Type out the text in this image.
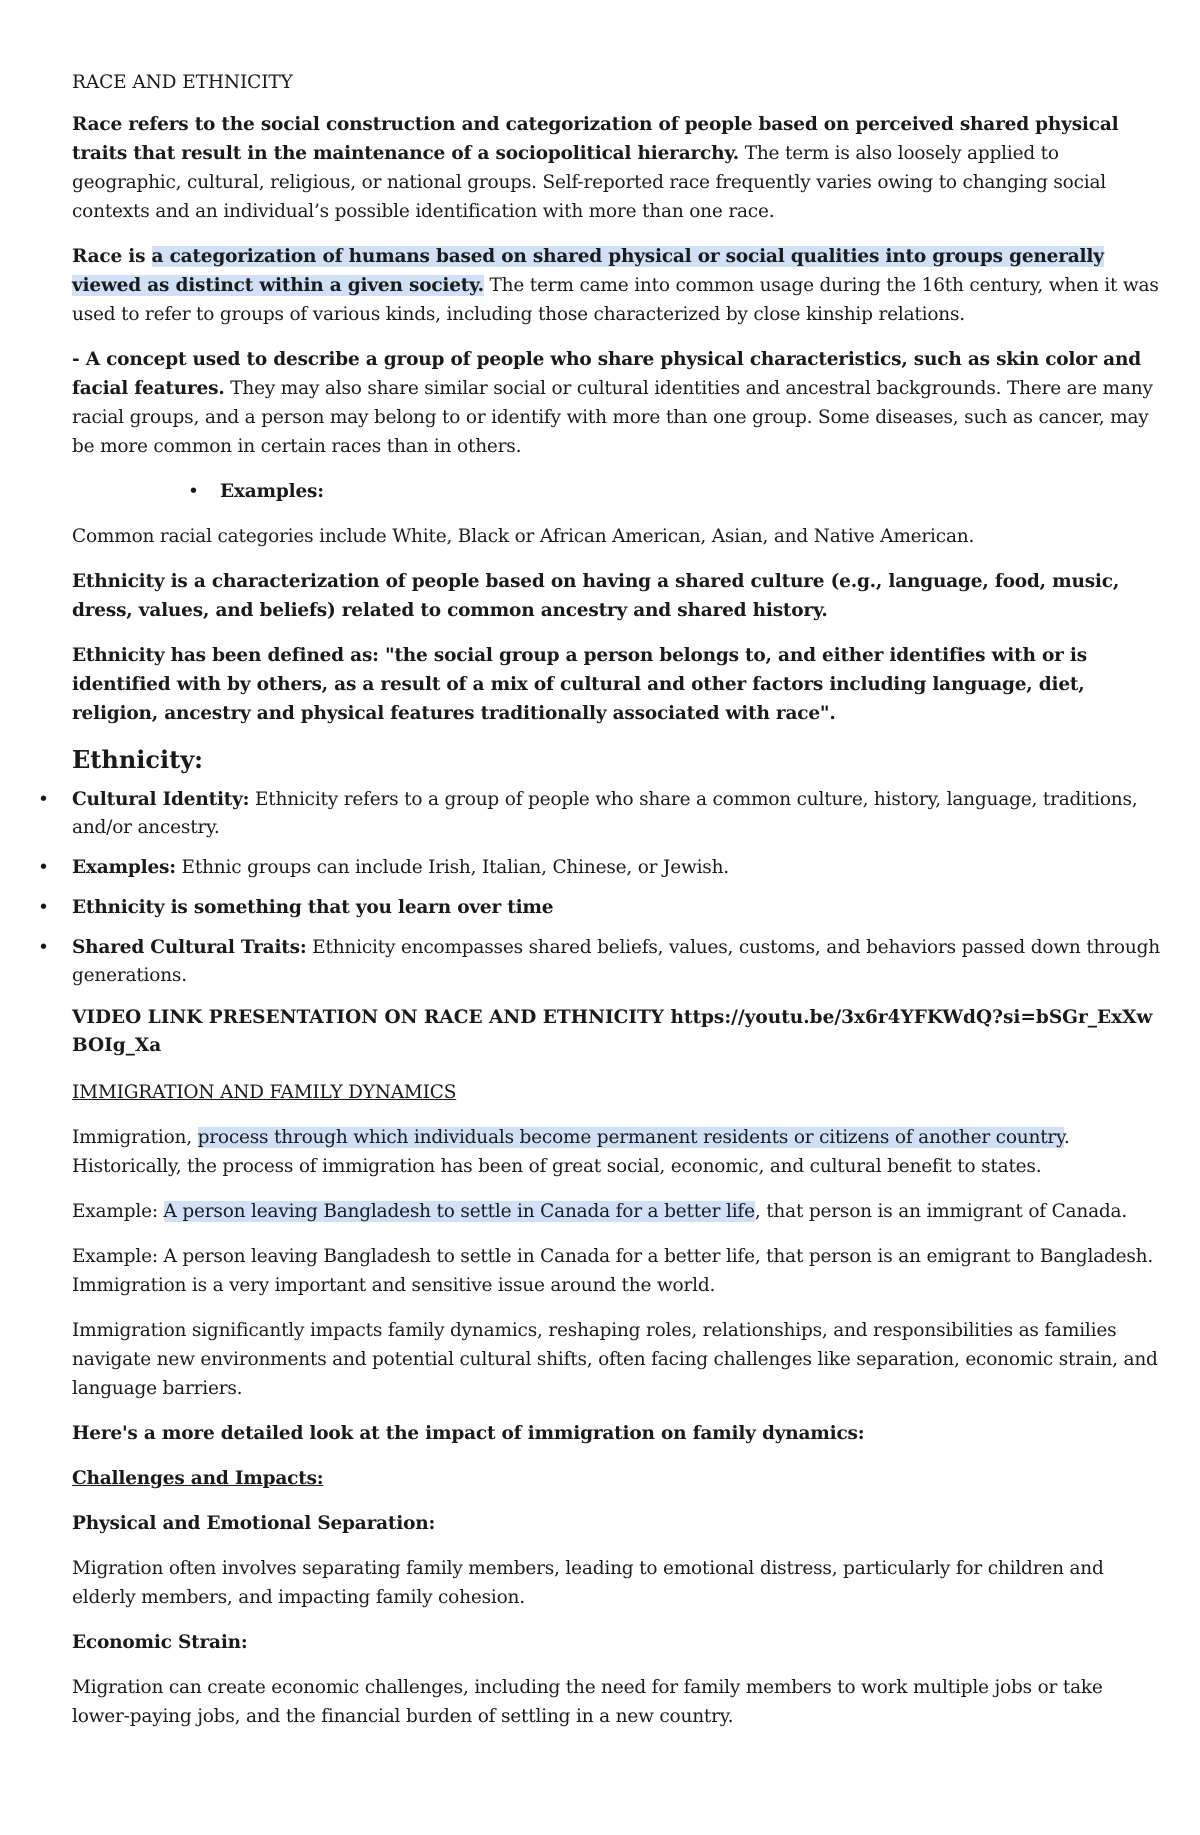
RACE AND ETHNICITY

Race refers to the social construction and categorization of people based on perceived shared physical traits that result in the maintenance of a sociopolitical hierarchy. The term is also loosely applied to geographic, cultural, religious, or national groups. Self-reported race frequently varies owing to changing social contexts and an individual’s possible identification with more than one race.

Race is a categorization of humans based on shared physical or social qualities into groups generally viewed as distinct within a given society. The term came into common usage during the 16th century, when it was used to refer to groups of various kinds, including those characterized by close kinship relations.

- A concept used to describe a group of people who share physical characteristics, such as skin color and facial features. They may also share similar social or cultural identities and ancestral backgrounds. There are many racial groups, and a person may belong to or identify with more than one group. Some diseases, such as cancer, may be more common in certain races than in others.

• Examples:

Common racial categories include White, Black or African American, Asian, and Native American.

Ethnicity is a characterization of people based on having a shared culture (e.g., language, food, music, dress, values, and beliefs) related to common ancestry and shared history.

Ethnicity has been defined as: "the social group a person belongs to, and either identifies with or is identified with by others, as a result of a mix of cultural and other factors including language, diet, religion, ancestry and physical features traditionally associated with race".

Ethnicity:

• Cultural Identity: Ethnicity refers to a group of people who share a common culture, history, language, traditions, and/or ancestry.
• Examples: Ethnic groups can include Irish, Italian, Chinese, or Jewish.
• Ethnicity is something that you learn over time
• Shared Cultural Traits: Ethnicity encompasses shared beliefs, values, customs, and behaviors passed down through generations.

VIDEO LINK PRESENTATION ON RACE AND ETHNICITY https://youtu.be/3x6r4YFKWdQ?si=bSGr_ExXwBOIg_Xa

IMMIGRATION AND FAMILY DYNAMICS

Immigration, process through which individuals become permanent residents or citizens of another country. Historically, the process of immigration has been of great social, economic, and cultural benefit to states.

Example: A person leaving Bangladesh to settle in Canada for a better life, that person is an immigrant of Canada.

Example: A person leaving Bangladesh to settle in Canada for a better life, that person is an emigrant to Bangladesh. Immigration is a very important and sensitive issue around the world.

Immigration significantly impacts family dynamics, reshaping roles, relationships, and responsibilities as families navigate new environments and potential cultural shifts, often facing challenges like separation, economic strain, and language barriers.

Here's a more detailed look at the impact of immigration on family dynamics:

Challenges and Impacts:

Physical and Emotional Separation:

Migration often involves separating family members, leading to emotional distress, particularly for children and elderly members, and impacting family cohesion.

Economic Strain:

Migration can create economic challenges, including the need for family members to work multiple jobs or take lower-paying jobs, and the financial burden of settling in a new country.
